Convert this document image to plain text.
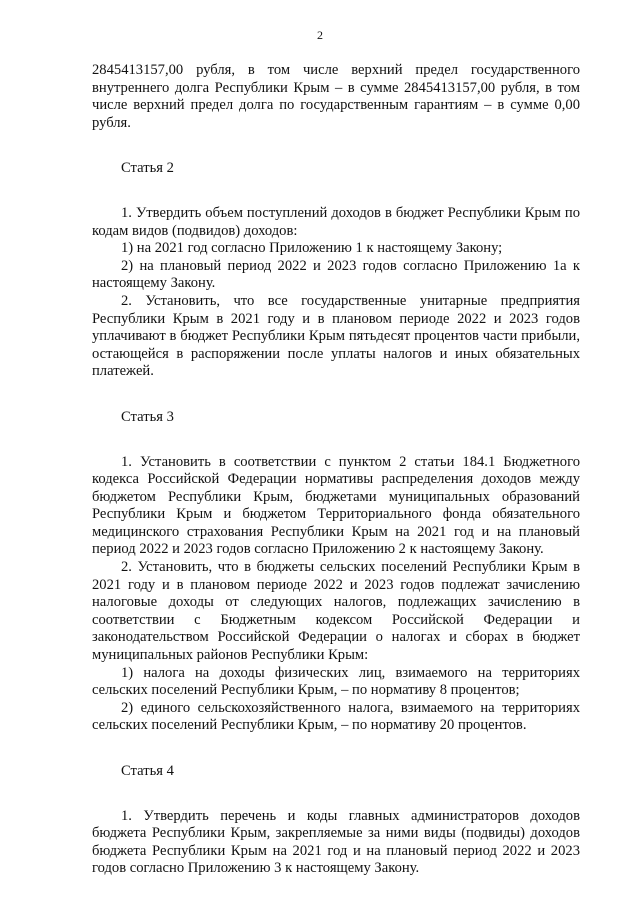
2

2845413157,00 рубля, в том числе верхний предел государственного внутреннего долга Республики Крым – в сумме 2845413157,00 рубля, в том числе верхний предел долга по государственным гарантиям – в сумме 0,00 рубля.

Статья 2

1. Утвердить объем поступлений доходов в бюджет Республики Крым по кодам видов (подвидов) доходов:

1) на 2021 год согласно Приложению 1 к настоящему Закону;

2) на плановый период 2022 и 2023 годов согласно Приложению 1а к настоящему Закону.

2. Установить, что все государственные унитарные предприятия Республики Крым в 2021 году и в плановом периоде 2022 и 2023 годов уплачивают в бюджет Республики Крым пятьдесят процентов части прибыли, остающейся в распоряжении после уплаты налогов и иных обязательных платежей.

Статья 3

1. Установить в соответствии с пунктом 2 статьи 184.1 Бюджетного кодекса Российской Федерации нормативы распределения доходов между бюджетом Республики Крым, бюджетами муниципальных образований Республики Крым и бюджетом Территориального фонда обязательного медицинского страхования Республики Крым на 2021 год и на плановый период 2022 и 2023 годов согласно Приложению 2 к настоящему Закону.

2. Установить, что в бюджеты сельских поселений Республики Крым в 2021 году и в плановом периоде 2022 и 2023 годов подлежат зачислению налоговые доходы от следующих налогов, подлежащих зачислению в соответствии с Бюджетным кодексом Российской Федерации и законодательством Российской Федерации о налогах и сборах в бюджет муниципальных районов Республики Крым:

1) налога на доходы физических лиц, взимаемого на территориях сельских поселений Республики Крым, – по нормативу 8 процентов;

2) единого сельскохозяйственного налога, взимаемого на территориях сельских поселений Республики Крым, – по нормативу 20 процентов.

Статья 4

1. Утвердить перечень и коды главных администраторов доходов бюджета Республики Крым, закрепляемые за ними виды (подвиды) доходов бюджета Республики Крым на 2021 год и на плановый период 2022 и 2023 годов согласно Приложению 3 к настоящему Закону.
